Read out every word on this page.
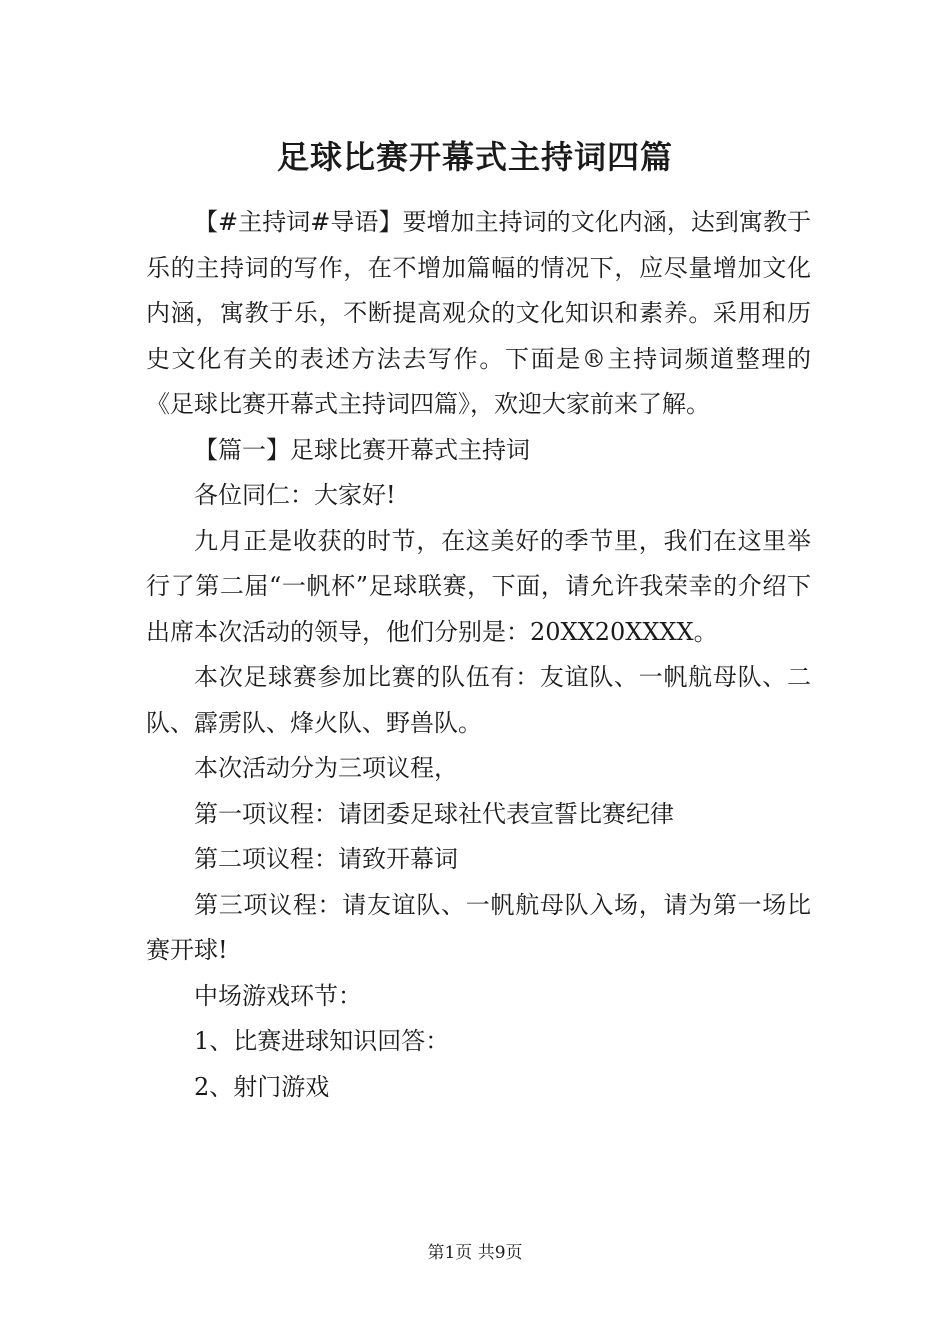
足球比赛开幕式主持词四篇

【#主持词#导语】要增加主持词的文化内涵，达到寓教于乐的主持词的写作，在不增加篇幅的情况下，应尽量增加文化内涵，寓教于乐，不断提高观众的文化知识和素养。采用和历史文化有关的表述方法去写作。下面是®主持词频道整理的《足球比赛开幕式主持词四篇》，欢迎大家前来了解。

【篇一】足球比赛开幕式主持词

各位同仁：大家好!

九月正是收获的时节，在这美好的季节里，我们在这里举行了第二届“一帆杯”足球联赛，下面，请允许我荣幸的介绍下出席本次活动的领导，他们分别是：20XX20XXXX。

本次足球赛参加比赛的队伍有：友谊队、一帆航母队、二队、霹雳队、烽火队、野兽队。

本次活动分为三项议程，

第一项议程：请团委足球社代表宣誓比赛纪律

第二项议程：请致开幕词

第三项议程：请友谊队、一帆航母队入场，请为第一场比赛开球!

中场游戏环节：

1、比赛进球知识回答：

2、射门游戏

第1页 共9页
